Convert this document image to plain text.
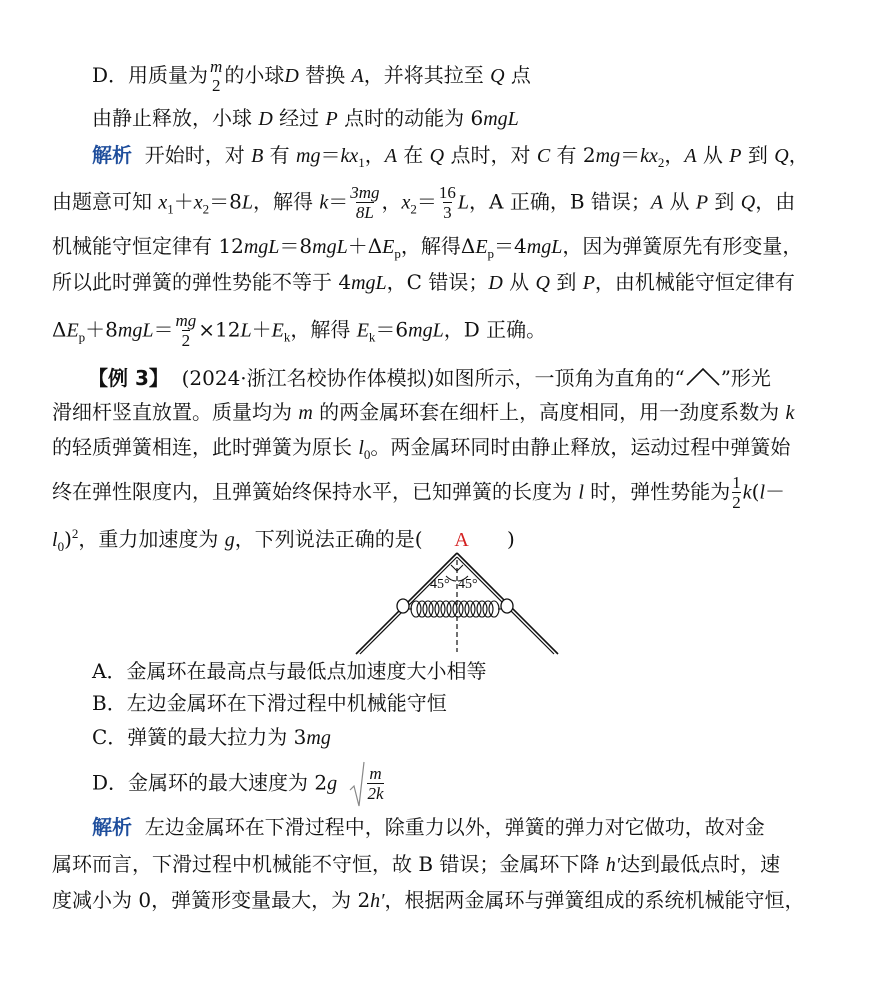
D．用质量为 m
2 的小球D 替换 A，并将其拉至 Q 点
由静止释放，小球 D 经过 P 点时的动能为 6mgL
解析 开始时，对 B 有 $mg=kx_1$，A 在 Q 点时，对 C 有 $2mg=kx_2$，A 从 P 到 Q，
由题意可知 $x_1+x_2=8L$，解得 $k= \frac{3mg}{8L}$ ，$x_2= \frac{16}{3}$ L，A 正确，B 错误；A 从 P 到 Q，由
机械能守恒定律有 $12mgL=8mgL+\Delta E_p$，解得$\Delta E_p=4mgL$，因为弹簧原先有形变量，
所以此时弹簧的弹性势能不等于 4mgL，C 错误；D 从 Q 到 P，由机械能守恒定律有
$\Delta E_p+8mgL= \frac{mg}{2} \times 12L+E_k$，解得 $E_k=6mgL$，D 正确。
【例 3】 (2024·浙江名校协作体模拟)如图所示，一顶角为直角的“ ”形光
滑细杆竖直放置。质量均为 m 的两金属环套在细杆上，高度相同，用一劲度系数为 k
的轻质弹簧相连，此时弹簧为原长 $l_0$。两金属环同时由静止释放，运动过程中弹簧始
终在弹性限度内，且弹簧始终保持水平，已知弹簧的长度为 l 时，弹性势能为 $\frac{1}{2} k(l-$
$l_0)^2$，重力加速度为 g，下列说法正确的是( A )
45° 45°
A．金属环在最高点与最低点加速度大小相等
B．左边金属环在下滑过程中机械能守恒
C．弹簧的最大拉力为 3mg
D．金属环的最大速度为 $2g \frac{m}{2k}$
解析 左边金属环在下滑过程中，除重力以外，弹簧的弹力对它做功，故对金
属环而言，下滑过程中机械能不守恒，故 B 错误；金属环下降 h′达到最低点时，速
度减小为 0，弹簧形变量最大，为 2h′，根据两金属环与弹簧组成的系统机械能守恒，
